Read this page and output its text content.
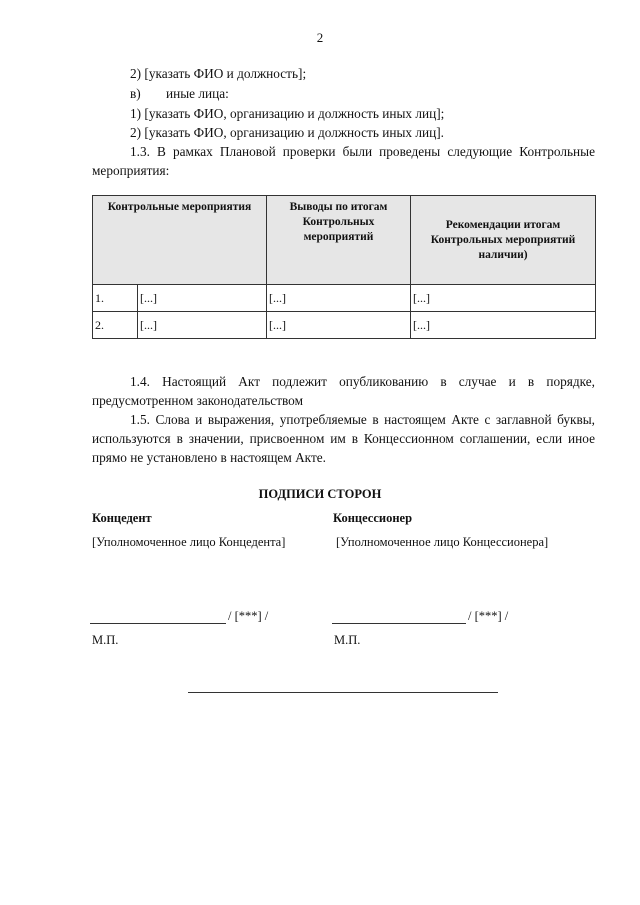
2
2) [указать ФИО и должность];
в) иные лица:
1) [указать ФИО, организацию и должность иных лиц];
2) [указать ФИО, организацию и должность иных лиц].
1.3. В рамках Плановой проверки были проведены следующие Контрольные мероприятия:
Контрольные мероприятия		Выводы по итогам Контрольных мероприятий	Рекомендации итогам Контрольных мероприятий наличии)
1.	[...]	[...]	[...]
2.	[...]	[...]	[...]
1.4. Настоящий Акт подлежит опубликованию в случае и в порядке, предусмотренном законодательством
1.5. Слова и выражения, употребляемые в настоящем Акте с заглавной буквы, используются в значении, присвоенном им в Концессионном соглашении, если иное прямо не установлено в настоящем Акте.
ПОДПИСИ СТОРОН
Концедент	Концессионер
[Уполномоченное лицо Концедента]	[Уполномоченное лицо Концессионера]
/ [***] /	/ [***] /
М.П.	М.П.
